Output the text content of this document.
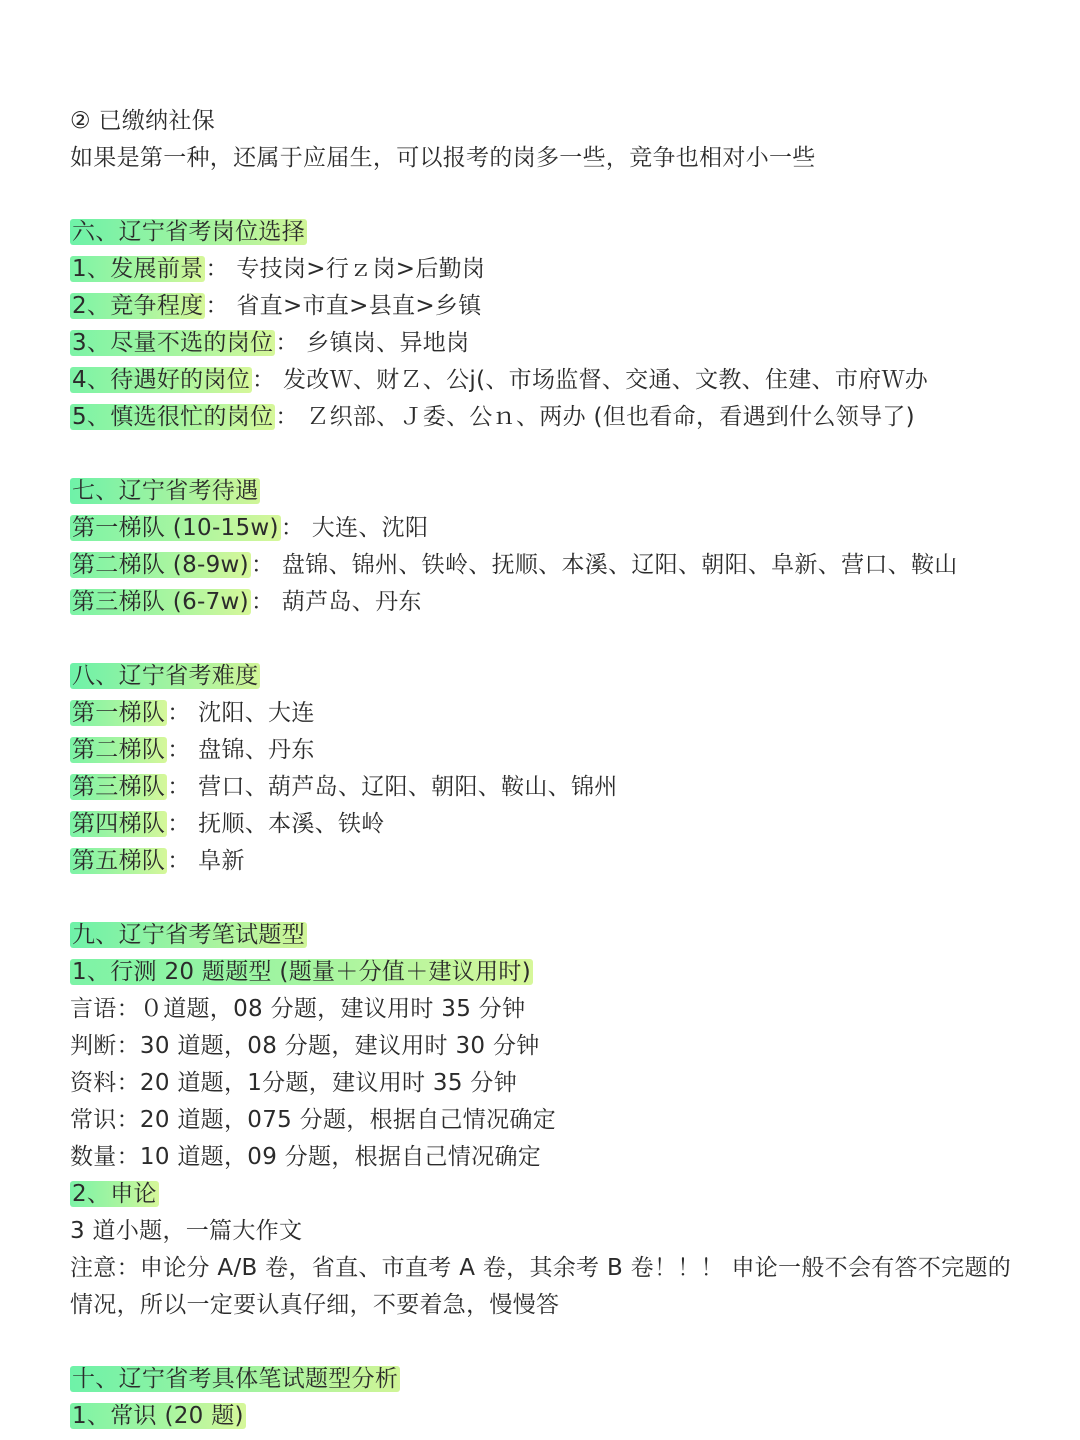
② 已缴纳社保
如果是第一种，还属于应届生，可以报考的岗多一些，竞争也相对小一些
六、辽宁省考岗位选择
1、发展前景： 专技岗>行ｚ岗>后勤岗
2、竞争程度： 省直>市直>县直>乡镇
3、尽量不选的岗位： 乡镇岗、异地岗
4、待遇好的岗位： 发改Ｗ、财Ｚ、公j(、市场监督、交通、文教、住建、市府Ｗ办
5、慎选很忙的岗位： Ｚ织部、Ｊ委、公ｎ、两办 (但也看命，看遇到什么领导了)
七、辽宁省考待遇
第一梯队 (10-15w)： 大连、沈阳
第二梯队 (8-9w)： 盘锦、锦州、铁岭、抚顺、本溪、辽阳、朝阳、阜新、营口、鞍山
第三梯队 (6-7w)： 葫芦岛、丹东
八、辽宁省考难度
第一梯队： 沈阳、大连
第二梯队： 盘锦、丹东
第三梯队： 营口、葫芦岛、辽阳、朝阳、鞍山、锦州
第四梯队： 抚顺、本溪、铁岭
第五梯队： 阜新
九、辽宁省考笔试题型
1、行测 20 题题型 (题量＋分值＋建议用时)
言语：０道题，08 分题，建议用时 35 分钟
判断：30 道题，08 分题，建议用时 30 分钟
资料：20 道题，1分题，建议用时 35 分钟
常识：20 道题，075 分题，根据自己情况确定
数量：10 道题，09 分题，根据自己情况确定
2、申论
3 道小题，一篇大作文
注意：申论分 A/B 卷，省直、市直考 A 卷，其余考 B 卷！！！ 申论一般不会有答不完题的
情况，所以一定要认真仔细，不要着急，慢慢答
十、辽宁省考具体笔试题型分析
1、常识 (20 题)
